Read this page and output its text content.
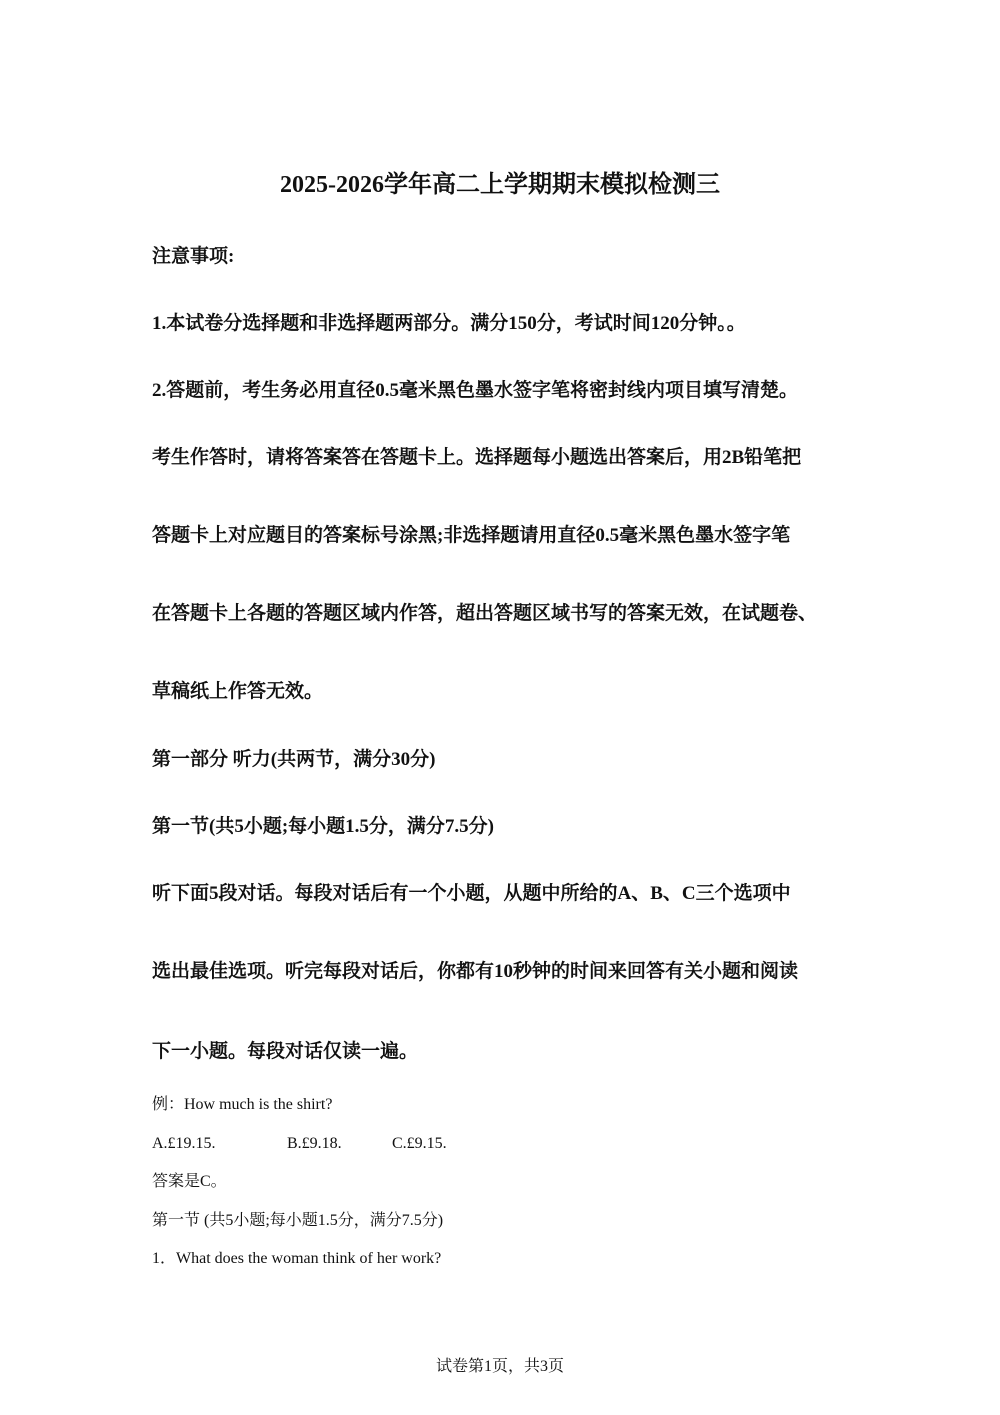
2025-2026学年高二上学期期末模拟检测三
注意事项:
1.本试卷分选择题和非选择题两部分。满分150分，考试时间120分钟。。
2.答题前，考生务必用直径0.5毫米黑色墨水签字笔将密封线内项目填写清楚。
考生作答时，请将答案答在答题卡上。选择题每小题选出答案后，用2B铅笔把
答题卡上对应题目的答案标号涂黑;非选择题请用直径0.5毫米黑色墨水签字笔
在答题卡上各题的答题区域内作答，超出答题区域书写的答案无效，在试题卷、
草稿纸上作答无效。
第一部分 听力(共两节，满分30分)
第一节(共5小题;每小题1.5分，满分7.5分)
听下面5段对话。每段对话后有一个小题，从题中所给的A、B、C三个选项中
选出最佳选项。听完每段对话后，你都有10秒钟的时间来回答有关小题和阅读
下一小题。每段对话仅读一遍。
例：How much is the shirt?
A.£19.15.	B.£9.18.	C.£9.15.
答案是C。
第一节 (共5小题;每小题1.5分，满分7.5分)
1．What does the woman think of her work?
试卷第1页，共3页
